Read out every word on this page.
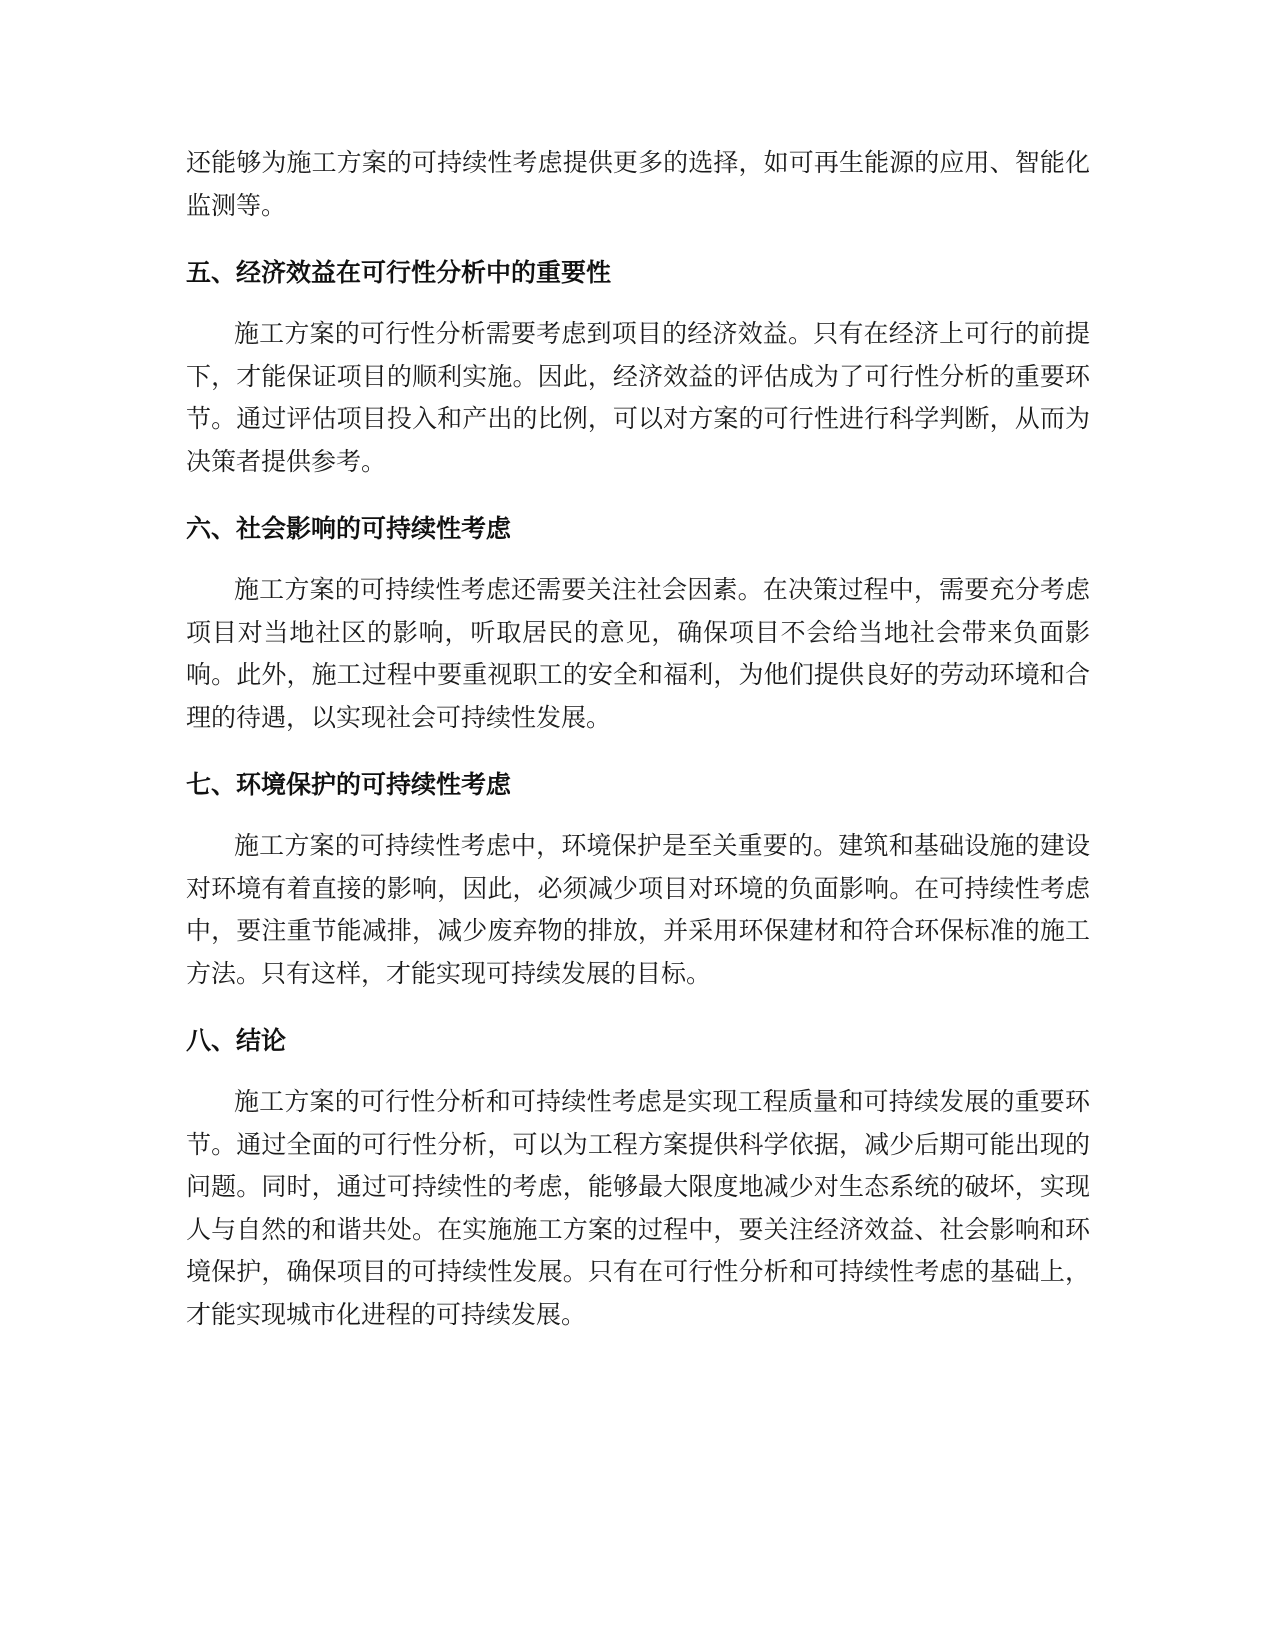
还能够为施工方案的可持续性考虑提供更多的选择，如可再生能源的应用、智能化监测等。

五、经济效益在可行性分析中的重要性

施工方案的可行性分析需要考虑到项目的经济效益。只有在经济上可行的前提下，才能保证项目的顺利实施。因此，经济效益的评估成为了可行性分析的重要环节。通过评估项目投入和产出的比例，可以对方案的可行性进行科学判断，从而为决策者提供参考。

六、社会影响的可持续性考虑

施工方案的可持续性考虑还需要关注社会因素。在决策过程中，需要充分考虑项目对当地社区的影响，听取居民的意见，确保项目不会给当地社会带来负面影响。此外，施工过程中要重视职工的安全和福利，为他们提供良好的劳动环境和合理的待遇，以实现社会可持续性发展。

七、环境保护的可持续性考虑

施工方案的可持续性考虑中，环境保护是至关重要的。建筑和基础设施的建设对环境有着直接的影响，因此，必须减少项目对环境的负面影响。在可持续性考虑中，要注重节能减排，减少废弃物的排放，并采用环保建材和符合环保标准的施工方法。只有这样，才能实现可持续发展的目标。

八、结论

施工方案的可行性分析和可持续性考虑是实现工程质量和可持续发展的重要环节。通过全面的可行性分析，可以为工程方案提供科学依据，减少后期可能出现的问题。同时，通过可持续性的考虑，能够最大限度地减少对生态系统的破坏，实现人与自然的和谐共处。在实施施工方案的过程中，要关注经济效益、社会影响和环境保护，确保项目的可持续性发展。只有在可行性分析和可持续性考虑的基础上，才能实现城市化进程的可持续发展。
